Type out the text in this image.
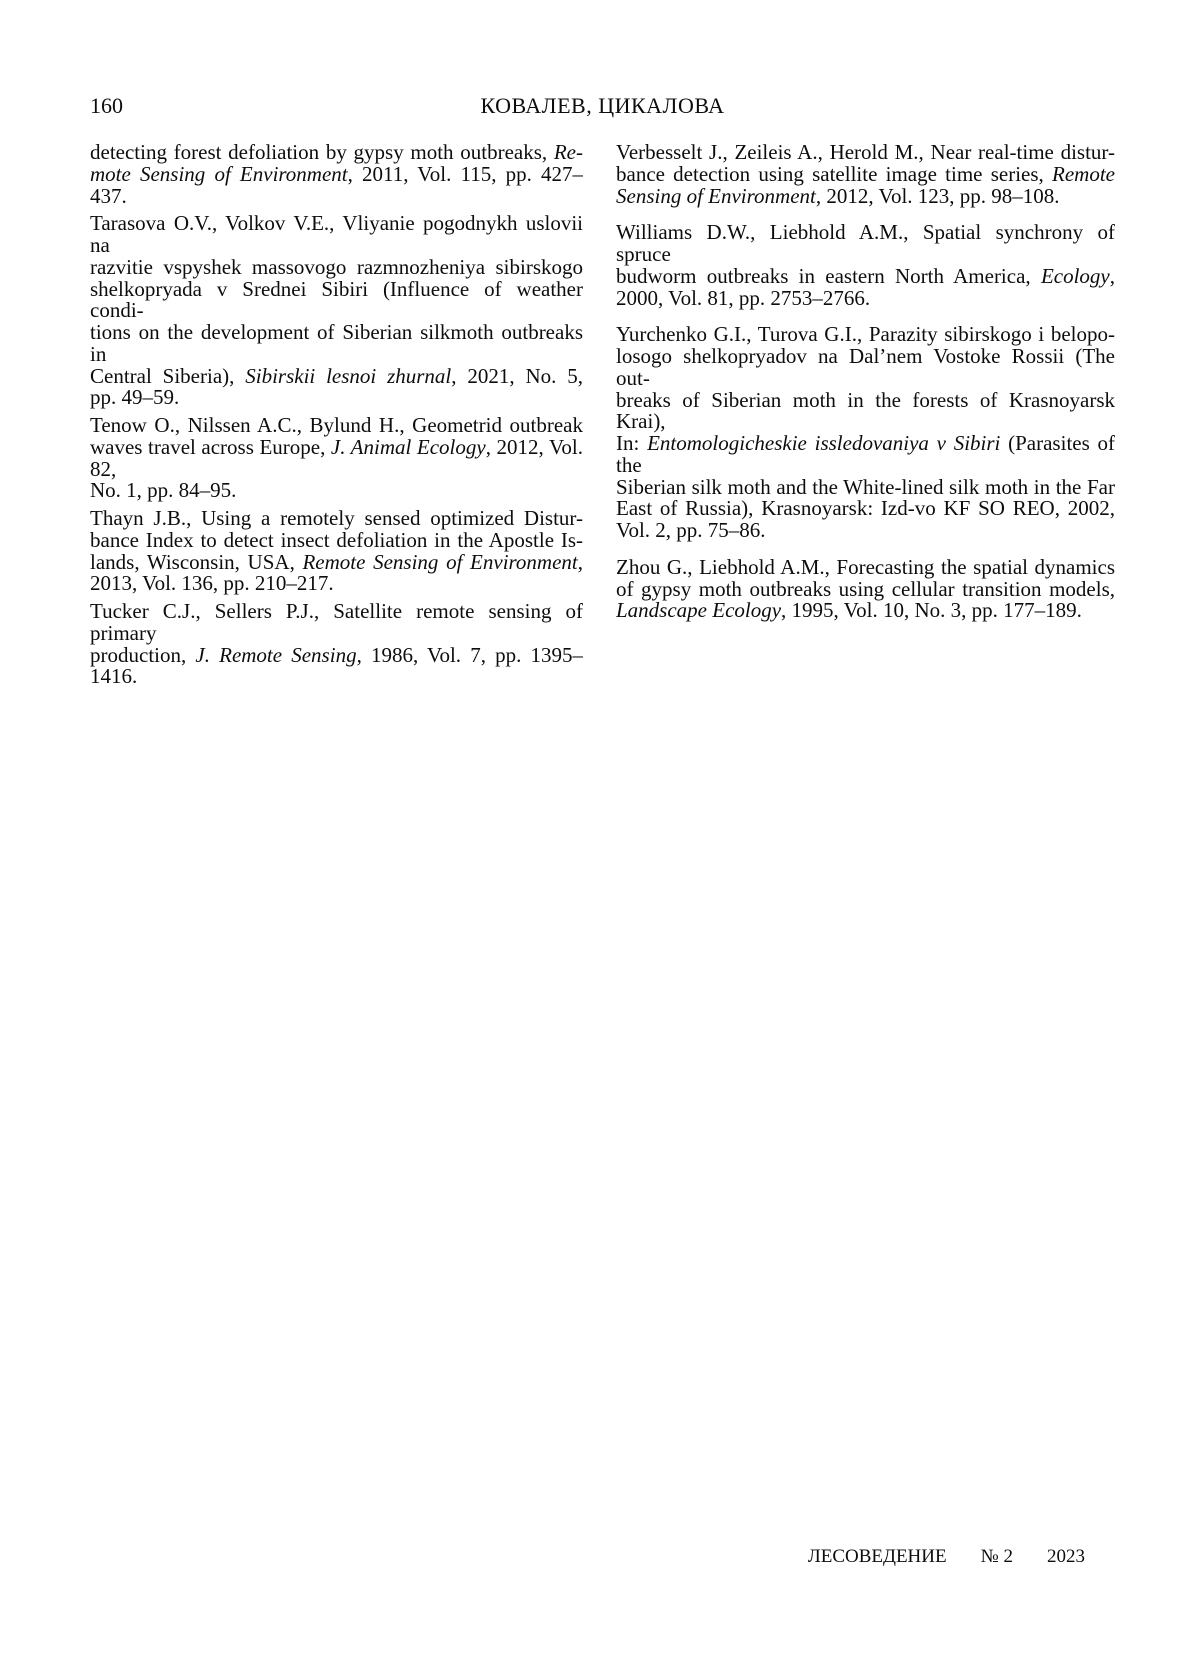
160	КОВАЛЕВ, ЦИКАЛОВА
detecting forest defoliation by gypsy moth outbreaks, Re-
mote Sensing of Environment, 2011, Vol. 115, pp. 427–437.
Tarasova O.V., Volkov V.E., Vliyanie pogodnykh uslovii na
razvitie vspyshek massovogo razmnozheniya sibirskogo
shelkopryada v Srednei Sibiri (Influence of weather condi-
tions on the development of Siberian silkmoth outbreaks in
Central Siberia), Sibirskii lesnoi zhurnal, 2021, No. 5,
pp. 49–59.
Tenow O., Nilssen A.C., Bylund H., Geometrid outbreak
waves travel across Europe, J. Animal Ecology, 2012, Vol. 82,
No. 1, pp. 84–95.
Thayn J.B., Using a remotely sensed optimized Distur-
bance Index to detect insect defoliation in the Apostle Is-
lands, Wisconsin, USA, Remote Sensing of Environment,
2013, Vol. 136, pp. 210–217.
Tucker C.J., Sellers P.J., Satellite remote sensing of primary
production, J. Remote Sensing, 1986, Vol. 7, pp. 1395–1416.
Verbesselt J., Zeileis A., Herold M., Near real-time distur-
bance detection using satellite image time series, Remote
Sensing of Environment, 2012, Vol. 123, pp. 98–108.
Williams D.W., Liebhold A.M., Spatial synchrony of spruce
budworm outbreaks in eastern North America, Ecology,
2000, Vol. 81, pp. 2753–2766.
Yurchenko G.I., Turova G.I., Parazity sibirskogo i belopo-
losogo shelkopryadov na Dal’nem Vostoke Rossii (The out-
breaks of Siberian moth in the forests of Krasnoyarsk Krai),
In: Entomologicheskie issledovaniya v Sibiri (Parasites of the
Siberian silk moth and the White-lined silk moth in the Far
East of Russia), Krasnoyarsk: Izd-vo KF SO REO, 2002,
Vol. 2, pp. 75–86.
Zhou G., Liebhold A.M., Forecasting the spatial dynamics
of gypsy moth outbreaks using cellular transition models,
Landscape Ecology, 1995, Vol. 10, No. 3, pp. 177–189.
ЛЕСОВЕДЕНИЕ № 2 2023
